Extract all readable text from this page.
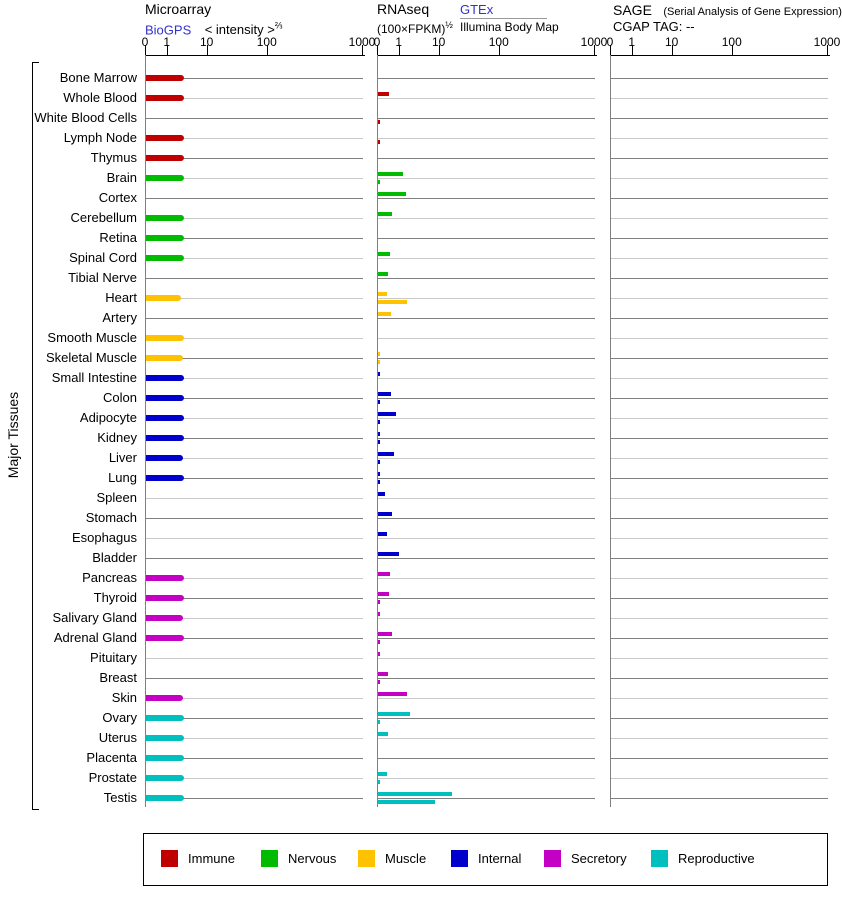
Microarray
BioGPS < intensity >$^{\frac{2}{3}}$
RNAseq
(100×FPKM)$^{\frac{1}{2}}$
GTEx
Illumina Body Map
SAGE (Serial Analysis of Gene Expression)
CGAP TAG: --
Major Tissues
Bone Marrow
Whole Blood
White Blood Cells
Lymph Node
Thymus
Brain
Cortex
Cerebellum
Retina
Spinal Cord
Tibial Nerve
Heart
Artery
Smooth Muscle
Skeletal Muscle
Small Intestine
Colon
Adipocyte
Kidney
Liver
Lung
Spleen
Stomach
Esophagus
Bladder
Pancreas
Thyroid
Salivary Gland
Adrenal Gland
Pituitary
Breast
Skin
Ovary
Uterus
Placenta
Prostate
Testis
0	1	10	100	1000
0	1	10	100	1000 0	1	10	100	1000
Immune	Nervous	Muscle	Internal	Secretory	Reproductive
